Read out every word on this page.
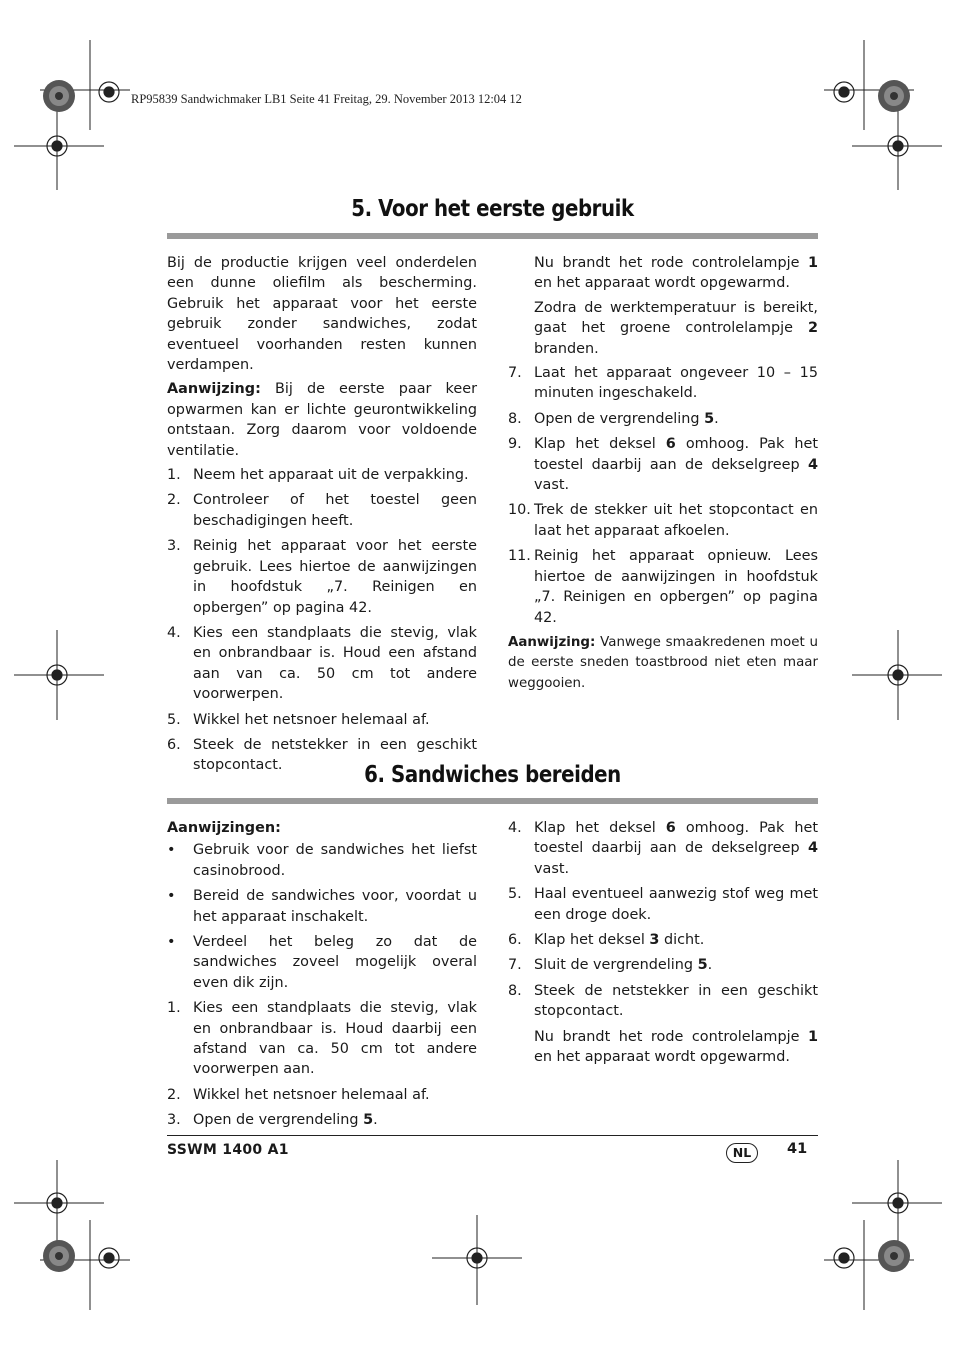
RP95839 Sandwichmaker LB1 Seite 41 Freitag, 29. November 2013 12:04 12
5. Voor het eerste gebruik

Bij de productie krijgen veel onderdelen een dunne oliefilm als bescherming. Gebruik het apparaat voor het eerste gebruik zonder sandwiches, zodat eventueel voorhanden resten kunnen verdampen.

Aanwijzing: Bij de eerste paar keer opwarmen kan er lichte geurontwikkeling ontstaan. Zorg daarom voor voldoende ventilatie.

1. Neem het apparaat uit de verpakking.
2. Controleer of het toestel geen beschadigingen heeft.
3. Reinig het apparaat voor het eerste gebruik. Lees hiertoe de aanwijzingen in hoofdstuk „7. Reinigen en opbergen” op pagina 42.
4. Kies een standplaats die stevig, vlak en onbrandbaar is. Houd een afstand aan van ca. 50 cm tot andere voorwerpen.
5. Wikkel het netsnoer helemaal af.
6. Steek de netstekker in een geschikt stopcontact.

Nu brandt het rode controlelampje 1 en het apparaat wordt opgewarmd.

Zodra de werktemperatuur is bereikt, gaat het groene controlelampje 2 branden.

7. Laat het apparaat ongeveer 10 – 15 minuten ingeschakeld.
8. Open de vergrendeling 5.
9. Klap het deksel 6 omhoog. Pak het toestel daarbij aan de dekselgreep 4 vast.
10. Trek de stekker uit het stopcontact en laat het apparaat afkoelen.
11. Reinig het apparaat opnieuw. Lees hiertoe de aanwijzingen in hoofdstuk „7. Reinigen en opbergen” op pagina 42.

Aanwijzing: Vanwege smaakredenen moet u de eerste sneden toastbrood niet eten maar weggooien.

6. Sandwiches bereiden

Aanwijzingen:

• Gebruik voor de sandwiches het liefst casinobrood.
• Bereid de sandwiches voor, voordat u het apparaat inschakelt.
• Verdeel het beleg zo dat de sandwiches zoveel mogelijk overal even dik zijn.
1. Kies een standplaats die stevig, vlak en onbrandbaar is. Houd daarbij een afstand van ca. 50 cm tot andere voorwerpen aan.
2. Wikkel het netsnoer helemaal af.
3. Open de vergrendeling 5.
4. Klap het deksel 6 omhoog. Pak het toestel daarbij aan de dekselgreep 4 vast.
5. Haal eventueel aanwezig stof weg met een droge doek.
6. Klap het deksel 3 dicht.
7. Sluit de vergrendeling 5.
8. Steek de netstekker in een geschikt stopcontact.

Nu brandt het rode controlelampje 1 en het apparaat wordt opgewarmd.

SSWM 1400 A1	NL	41
